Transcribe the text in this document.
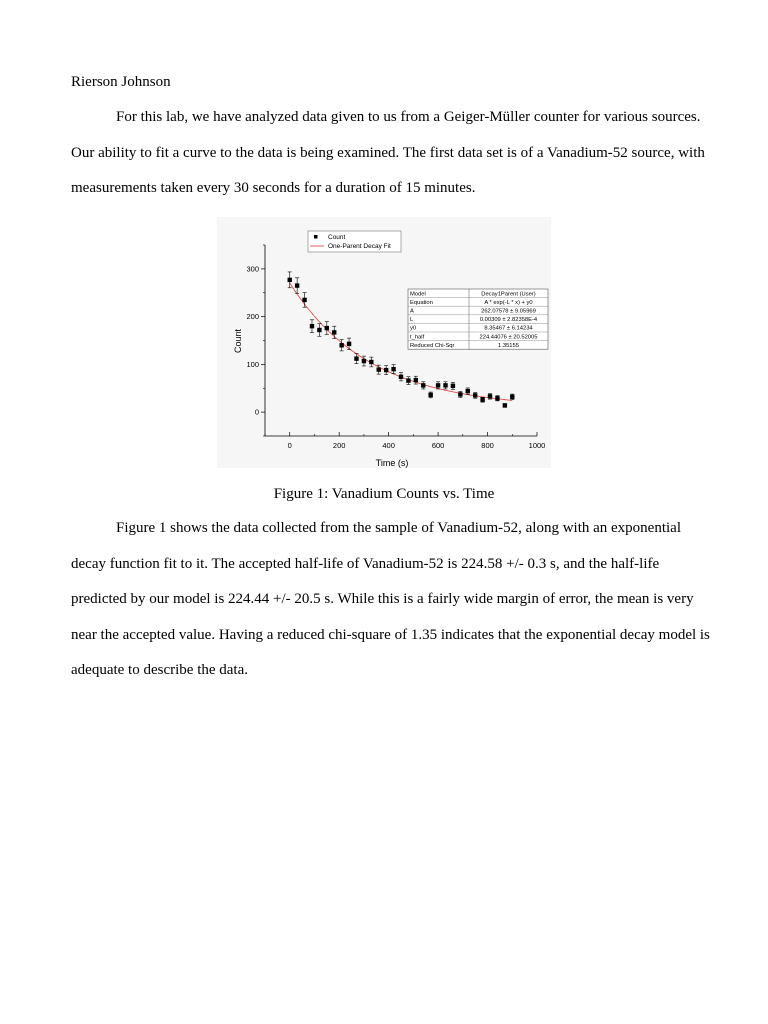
Rierson Johnson

For this lab, we have analyzed data given to us from a Geiger-Müller counter for various sources. Our ability to fit a curve to the data is being examined. The first data set is of a Vanadium-52 source, with measurements taken every 30 seconds for a duration of 15 minutes.

0	200	400	600	800	1000
0
100
200
300
Count
One-Parent Decay Fit
Model	Decay1Parent (User)
Equation	A * exp(-L * x) + y0
A	262.07578 ± 9.05969
L	0.00309 ± 2.82358E-4
y0	8.35467 ± 6.14234
t_half	224.44076 ± 20.52005
Reduced Chi-Sqr	1.35155
Time (s)
Count
Figure 1: Vanadium Counts vs. Time

Figure 1 shows the data collected from the sample of Vanadium-52, along with an exponential decay function fit to it. The accepted half-life of Vanadium-52 is 224.58 +/- 0.3 s, and the half-life predicted by our model is 224.44 +/- 20.5 s. While this is a fairly wide margin of error, the mean is very near the accepted value. Having a reduced chi-square of 1.35 indicates that the exponential decay model is adequate to describe the data.
